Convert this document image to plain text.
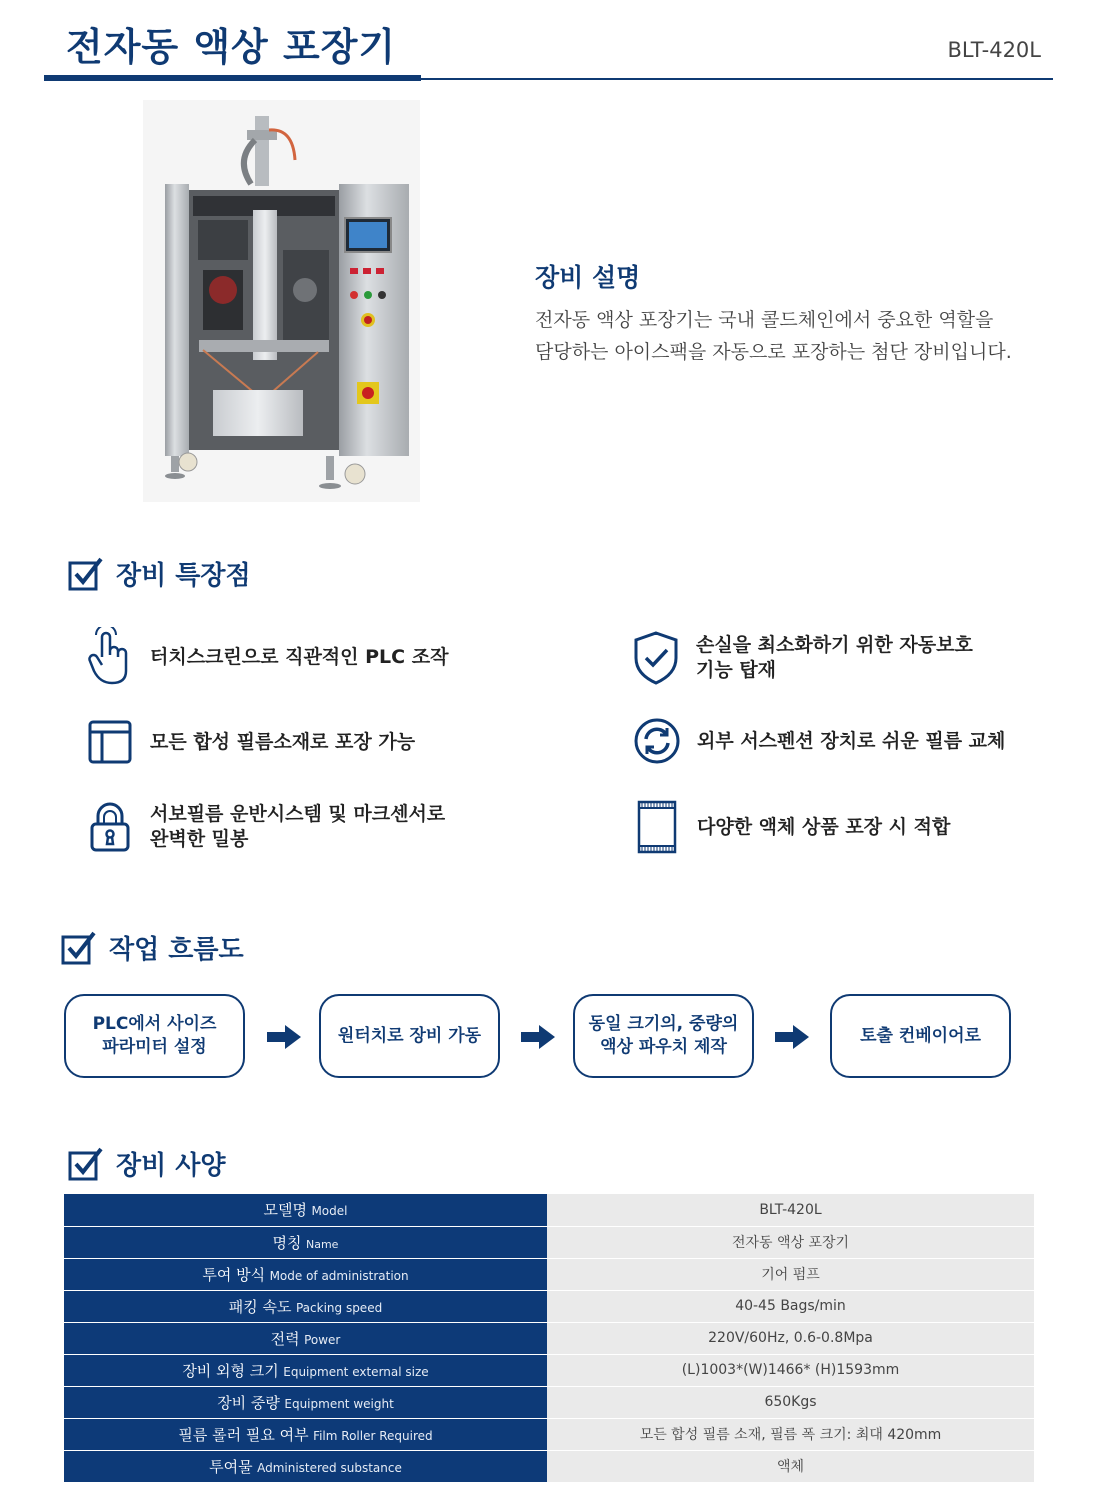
전자동 액상 포장기	BLT-420L
장비 설명
전자동 액상 포장기는 국내 콜드체인에서 중요한 역할을
담당하는 아이스팩을 자동으로 포장하는 첨단 장비입니다.
장비 특장점
터치스크린으로 직관적인 PLC 조작
손실을 최소화하기 위한 자동보호
기능 탑재
모든 합성 필름소재로 포장 가능	외부 서스펜션 장치로 쉬운 필름 교체
서보필름 운반시스템 및 마크센서로
완벽한 밀봉
다양한 액체 상품 포장 시 적합
작업 흐름도
PLC에서 사이즈
파라미터 설정
원터치로 장비 가동
동일 크기의, 중량의
액상 파우치 제작
토출 컨베이어로
장비 사양
모델명 Model	BLT-420L
명칭 Name	전자동 액상 포장기
투여 방식 Mode of administration	기어 펌프
패킹 속도 Packing speed	40-45 Bags/min
전력 Power	220V/60Hz, 0.6-0.8Mpa
장비 외형 크기 Equipment external size	(L)1003*(W)1466* (H)1593mm
장비 중량 Equipment weight	650Kgs
필름 롤러 필요 여부 Film Roller Required	모든 합성 필름 소재, 필름 폭 크기: 최대 420mm
투여물 Administered substance	액체
